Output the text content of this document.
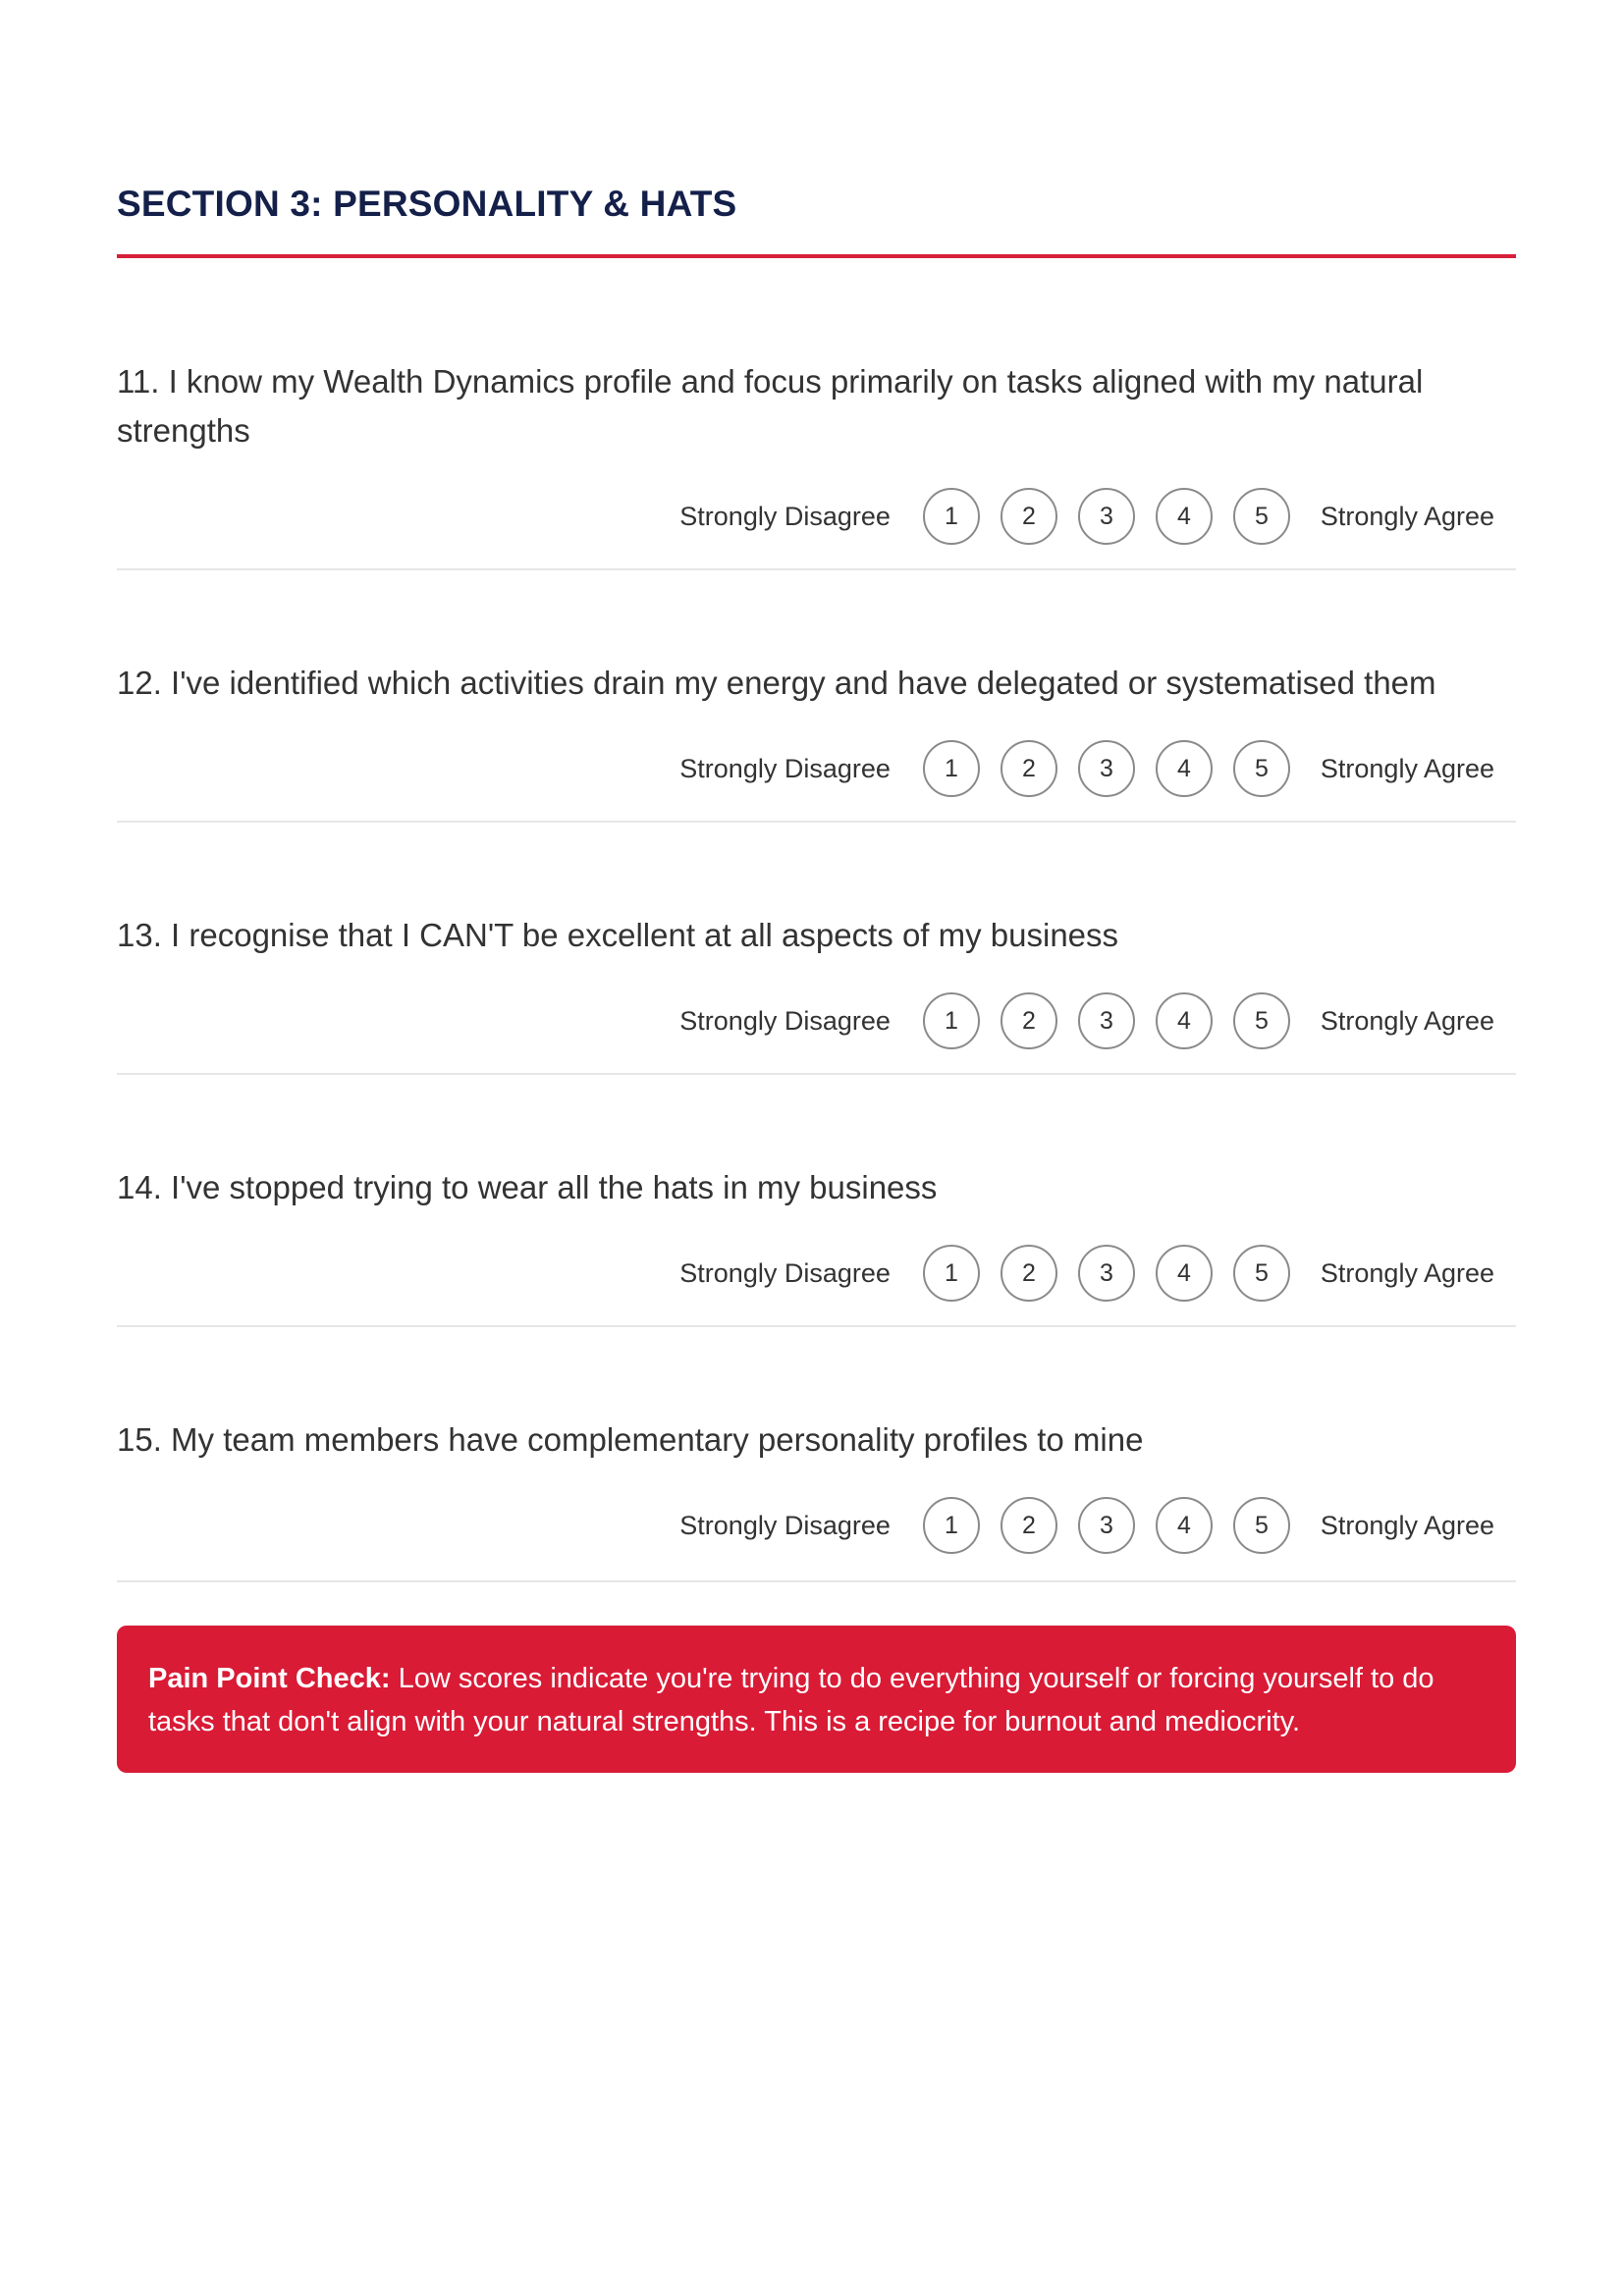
SECTION 3: PERSONALITY & HATS

11. I know my Wealth Dynamics profile and focus primarily on tasks aligned with my natural strengths

Strongly Disagree	1	2	3	4	5	Strongly Agree

12. I've identified which activities drain my energy and have delegated or systematised them

Strongly Disagree	1	2	3	4	5	Strongly Agree

13. I recognise that I CAN'T be excellent at all aspects of my business

Strongly Disagree	1	2	3	4	5	Strongly Agree

14. I've stopped trying to wear all the hats in my business

Strongly Disagree	1	2	3	4	5	Strongly Agree

15. My team members have complementary personality profiles to mine

Strongly Disagree	1	2	3	4	5	Strongly Agree
Pain Point Check: Low scores indicate you're trying to do everything yourself or forcing yourself to do tasks that don't align with your natural strengths. This is a recipe for burnout and mediocrity.
